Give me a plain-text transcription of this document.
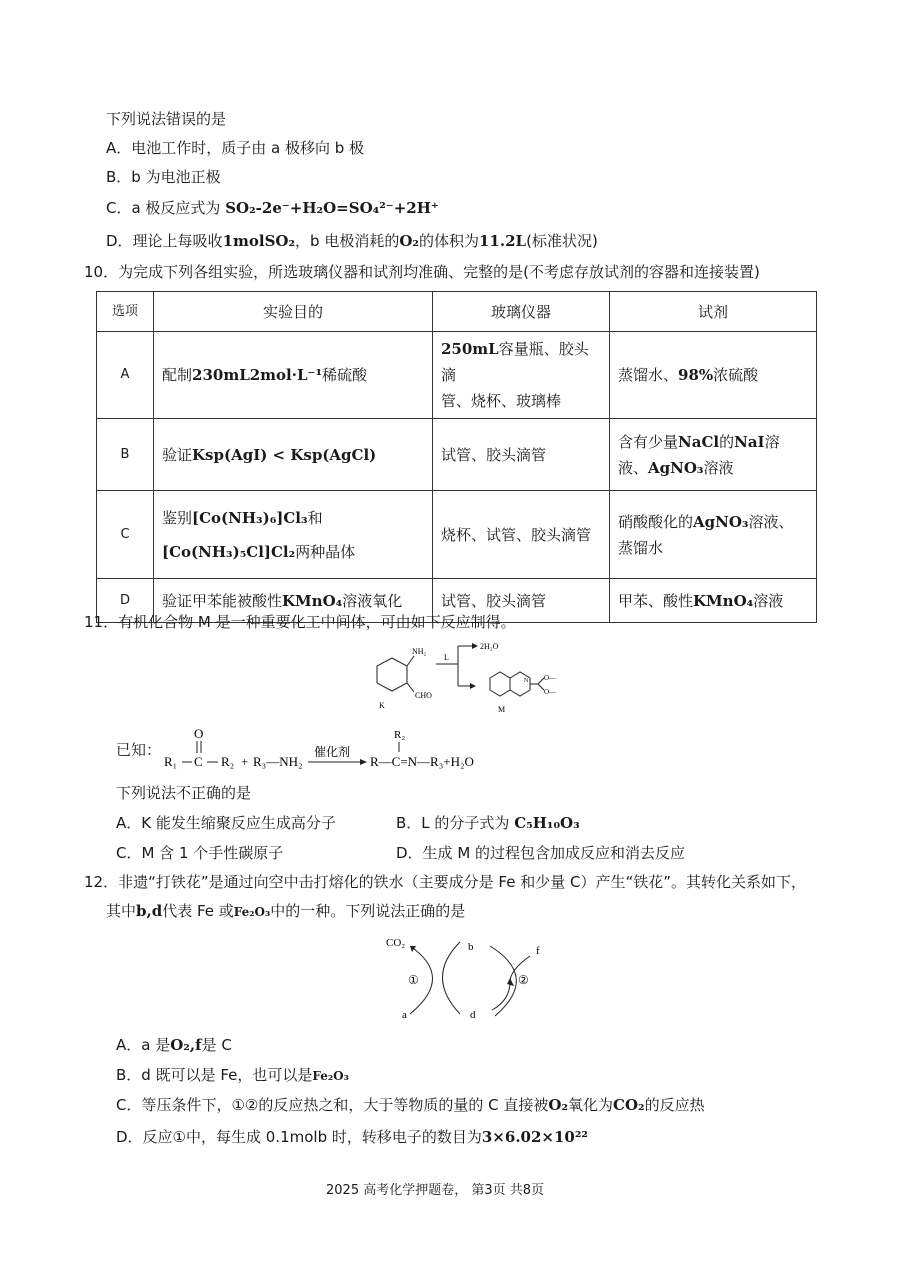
下列说法错误的是
A．电池工作时，质子由 a 极移向 b 极
B．b 为电池正极
C．a 极反应式为 SO₂-2e⁻+H₂O=SO₄²⁻+2H⁺
D．理论上每吸收1molSO₂，b 电极消耗的O₂的体积为11.2L(标准状况)
10．为完成下列各组实验，所选玻璃仪器和试剂均准确、完整的是(不考虑存放试剂的容器和连接装置)
选项	实验目的	玻璃仪器	试剂
A	配制230mL2mol·L⁻¹稀硫酸	250mL容量瓶、胶头滴
管、烧杯、玻璃棒	蒸馏水、98%浓硫酸
B	验证Ksp(AgI) < Ksp(AgCl)	试管、胶头滴管	含有少量NaCl的NaI溶
液、AgNO₃溶液
C	鉴别[Co(NH₃)₆]Cl₃和
[Co(NH₃)₅Cl]Cl₂两种晶体	烧杯、试管、胶头滴管	硝酸酸化的AgNO₃溶液、
蒸馏水
D	验证甲苯能被酸性KMnO₄溶液氧化	试管、胶头滴管	甲苯、酸性KMnO₄溶液
11．有机化合物 M 是一种重要化工中间体，可由如下反应制得。
NH₂
CHO
K
L
2H₂O
N O—
O—
M
已知：
R₁ C
O
R₂ + R₃—NH₂
催化剂
R₂
R—C=N—R₃+H₂O
下列说法不正确的是
A．K 能发生缩聚反应生成高分子	B．L 的分子式为 C₅H₁₀O₃
C．M 含 1 个手性碳原子	D．生成 M 的过程包含加成反应和消去反应
12．非遗“打铁花”是通过向空中击打熔化的铁水（主要成分是 Fe 和少量 C）产生“铁花”。其转化关系如下，
其中b,d代表 Fe 或Fe₂O₃中的一种。下列说法正确的是
CO₂	b	f
①	②
a	d
A．a 是O₂,f是 C
B．d 既可以是 Fe，也可以是Fe₂O₃
C．等压条件下，①②的反应热之和，大于等物质的量的 C 直接被O₂氧化为CO₂的反应热
D．反应①中，每生成 0.1molb 时，转移电子的数目为3×6.02×10²²
2025 高考化学押题卷， 第3页 共8页
